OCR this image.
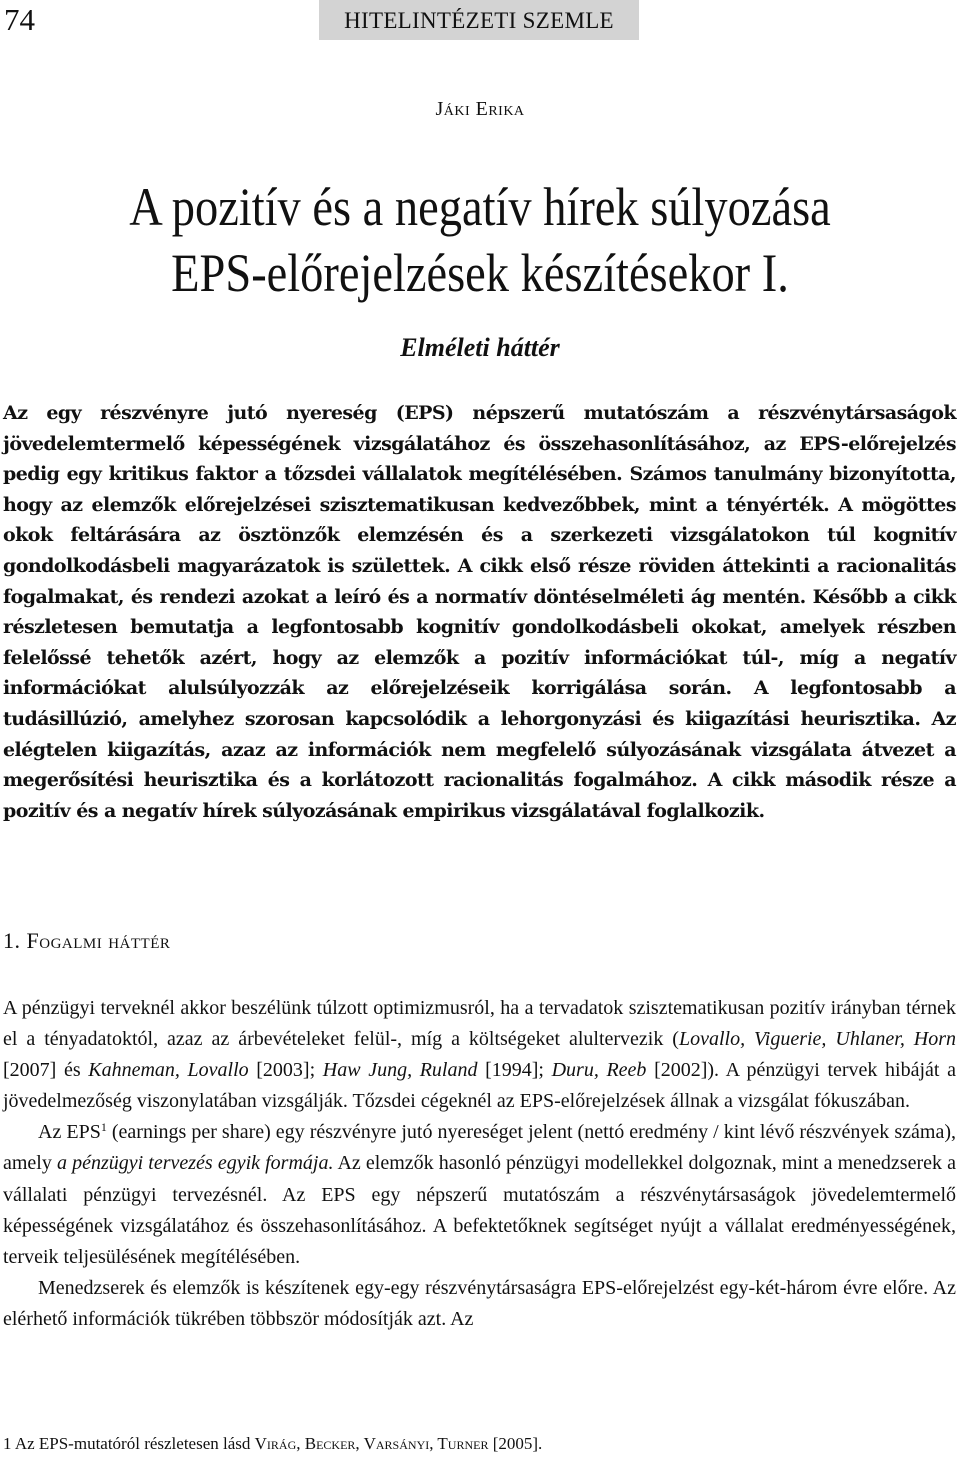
74	HITELINTÉZETI SZEMLE
Jáki Erika
A pozitív és a negatív hírek súlyozása
EPS-előrejelzések készítésekor I.
Elméleti háttér
Az egy részvényre jutó nyereség (EPS) népszerű mutatószám a részvénytársaságok jövedelemtermelő képességének vizsgálatához és összehasonlításához, az EPS-előrejelzés pedig egy kritikus faktor a tőzsdei vállalatok megítélésében. Számos tanulmány bizonyította, hogy az elemzők előrejelzései szisztematikusan kedvezőbbek, mint a tényérték. A mögöttes okok feltárására az ösztönzők elemzésén és a szerkezeti vizsgálatokon túl kognitív gondolkodásbeli magyarázatok is születtek. A cikk első része röviden áttekinti a racionalitás fogalmakat, és rendezi azokat a leíró és a normatív döntéselméleti ág mentén. Később a cikk részletesen bemutatja a legfontosabb kognitív gondolkodásbeli okokat, amelyek részben felelőssé tehetők azért, hogy az elemzők a pozitív információkat túl-, míg a negatív információkat alulsúlyozzák az előrejelzéseik korrigálása során. A legfontosabb a tudásillúzió, amelyhez szorosan kapcsolódik a lehorgonyzási és kiigazítási heurisztika. Az elégtelen kiigazítás, azaz az információk nem megfelelő súlyozásának vizsgálata átvezet a megerősítési heurisztika és a korlátozott racionalitás fogalmához. A cikk második része a pozitív és a negatív hírek súlyozásának empirikus vizsgálatával foglalkozik.
1. Fogalmi háttér

A pénzügyi terveknél akkor beszélünk túlzott optimizmusról, ha a tervadatok szisztematikusan pozitív irányban térnek el a tényadatoktól, azaz az árbevételeket felül-, míg a költségeket alultervezik (Lovallo, Viguerie, Uhlaner, Horn [2007] és Kahneman, Lovallo [2003]; Haw Jung, Ruland [1994]; Duru, Reeb [2002]). A pénzügyi tervek hibáját a jövedelmezőség viszonylatában vizsgálják. Tőzsdei cégeknél az EPS-előrejelzések állnak a vizsgálat fókuszában.

Az EPS$^1$ (earnings per share) egy részvényre jutó nyereséget jelent (nettó eredmény / kint lévő részvények száma), amely a pénzügyi tervezés egyik formája. Az elemzők hasonló pénzügyi modellekkel dolgoznak, mint a menedzserek a vállalati pénzügyi tervezésnél. Az EPS egy népszerű mutatószám a részvénytársaságok jövedelemtermelő képességének vizsgálatához és összehasonlításához. A befektetőknek segítséget nyújt a vállalat eredményességének, terveik teljesülésének megítélésében.

Menedzserek és elemzők is készítenek egy-egy részvénytársaságra EPS-előrejelzést egy-két-három évre előre. Az elérhető információk tükrében többször módosítják azt. Az

1 Az EPS-mutatóról részletesen lásd Virág, Becker, Varsányi, Turner [2005].
